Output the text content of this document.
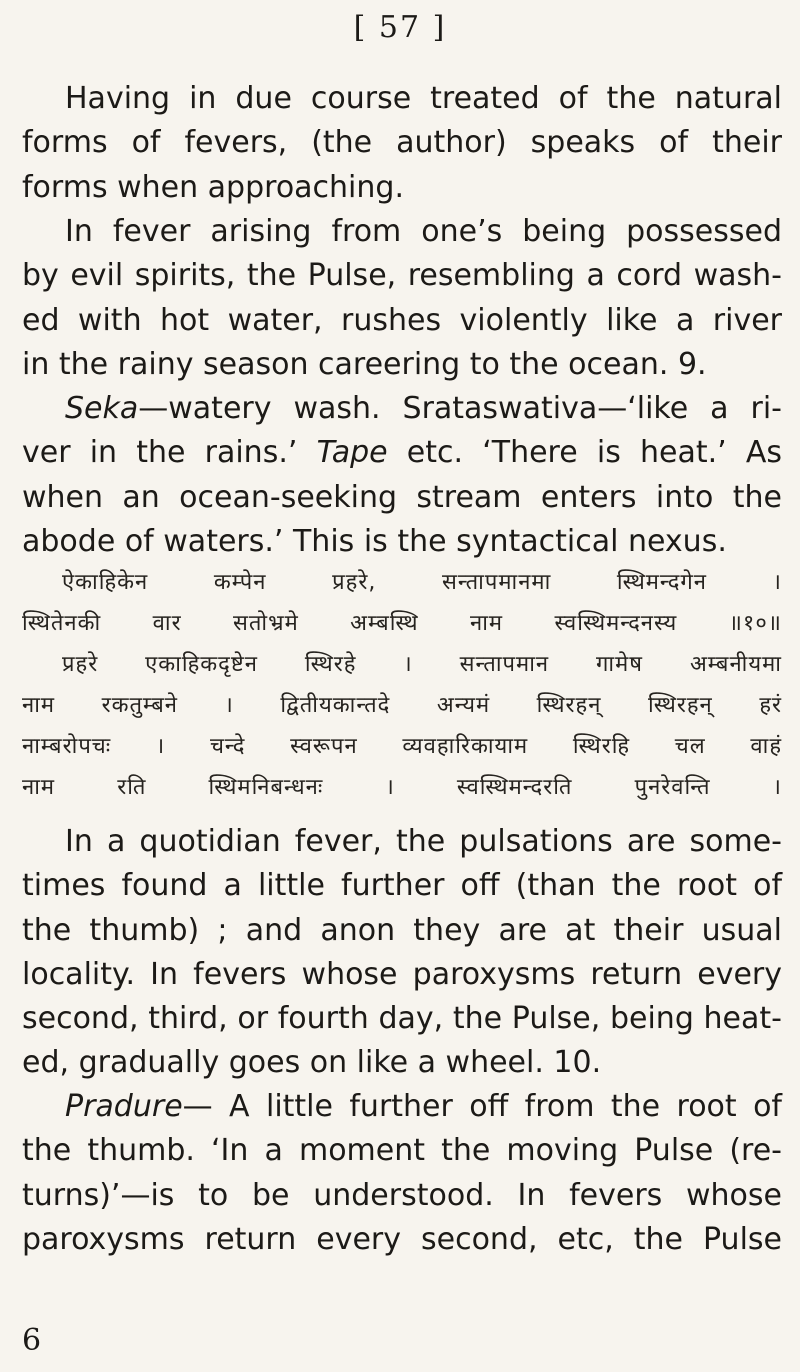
[ 57 ]
Having in due course treated of the natural
forms of fevers, (the author) speaks of their
forms when approaching.
In fever arising from one’s being possessed
by evil spirits, the Pulse, resembling a cord wash-
ed with hot water, rushes violently like a river
in the rainy season careering to the ocean. 9.
Seka—watery wash. Srataswativa—‘like a ri-
ver in the rains.’ Tape etc. ‘There is heat.’ As
when an ocean-seeking stream enters into the
abode of waters.’ This is the syntactical nexus.
ऐकाहिकेन कम्पेन प्रहरे, सन्तापमानमा स्थिमन्दगेन ।
स्थितेनकी वार सतोभ्रमे अम्बस्थि नाम स्वस्थिमन्दनस्य ॥१०॥
प्रहरे एकाहिकदृष्टेन स्थिरहे । सन्तापमान गामेष अम्बनीयमा
नाम रकतुम्बने । द्वितीयकान्तदे अन्यमं स्थिरहन् स्थिरहन् हरं
नाम्बरोपचः । चन्दे स्वरूपन व्यवहारिकायाम स्थिरहि चल वाहं
नाम रति स्थिमनिबन्धनः । स्वस्थिमन्दरति पुनरेवन्ति ।
In a quotidian fever, the pulsations are some-
times found a little further off (than the root of
the thumb) ; and anon they are at their usual
locality. In fevers whose paroxysms return every
second, third, or fourth day, the Pulse, being heat-
ed, gradually goes on like a wheel. 10.
Pradure— A little further off from the root of
the thumb. ‘In a moment the moving Pulse (re-
turns)’—is to be understood. In fevers whose
paroxysms return every second, etc, the Pulse
6
